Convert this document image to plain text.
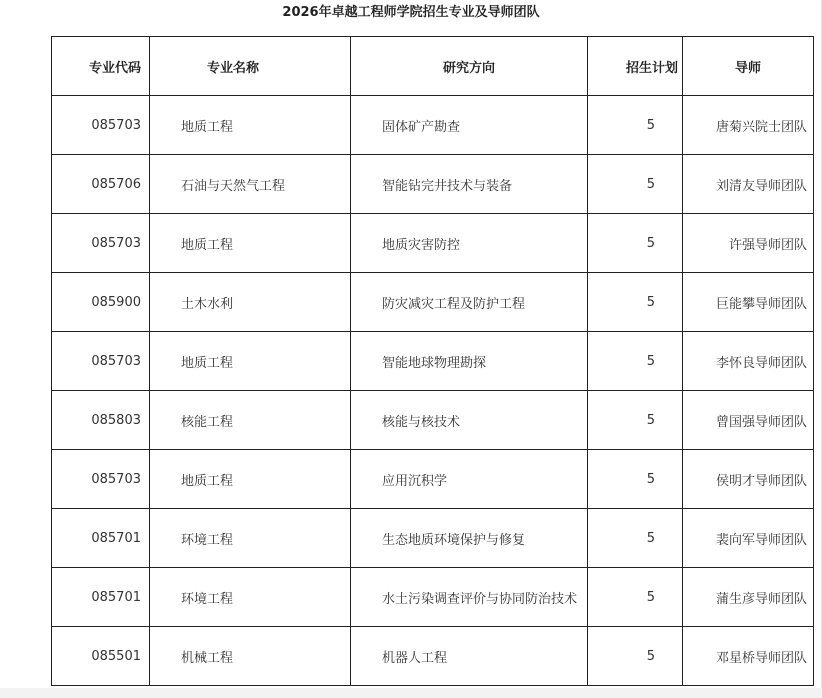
2026年卓越工程师学院招生专业及导师团队
专业代码	专业名称	研究方向	招生计划	导师
085703	地质工程	固体矿产勘查	5	唐菊兴院士团队
085706	石油与天然气工程	智能钻完井技术与装备	5	刘清友导师团队
085703	地质工程	地质灾害防控	5	许强导师团队
085900	土木水利	防灾减灾工程及防护工程	5	巨能攀导师团队
085703	地质工程	智能地球物理勘探	5	李怀良导师团队
085803	核能工程	核能与核技术	5	曾国强导师团队
085703	地质工程	应用沉积学	5	侯明才导师团队
085701	环境工程	生态地质环境保护与修复	5	裴向军导师团队
085701	环境工程	水土污染调查评价与协同防治技术	5	蒲生彦导师团队
085501	机械工程	机器人工程	5	邓星桥导师团队
